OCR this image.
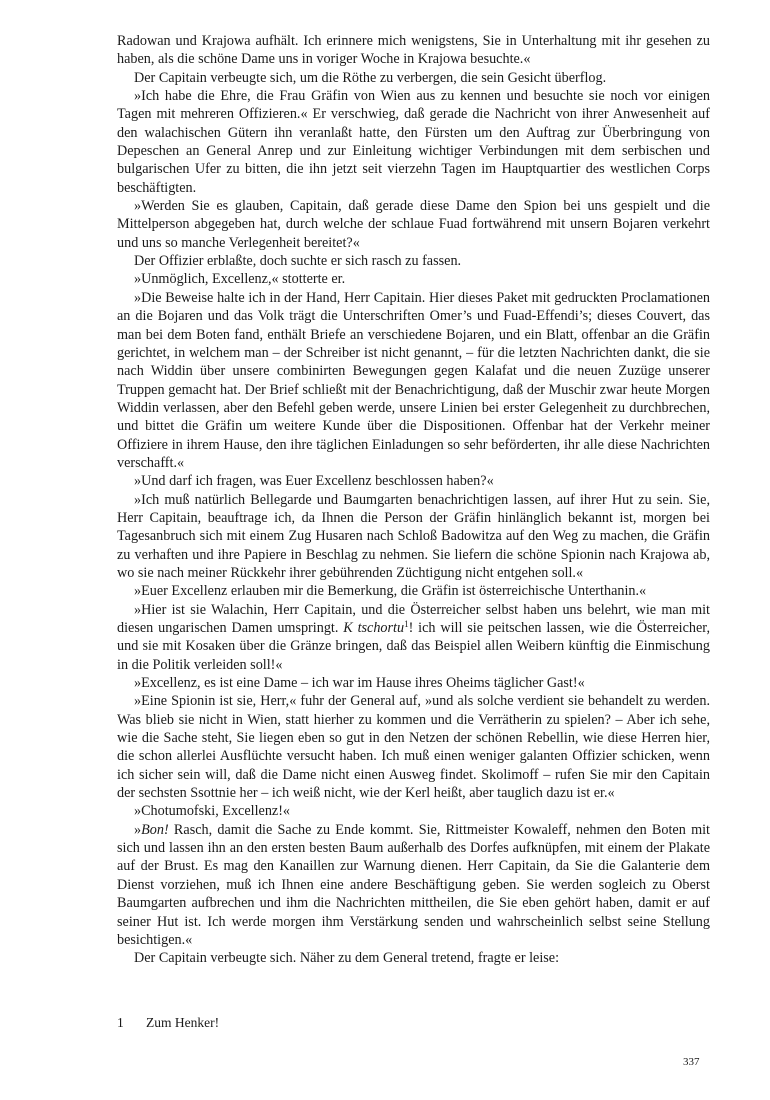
Radowan und Krajowa aufhält. Ich erinnere mich wenigstens, Sie in Unterhaltung mit ihr gesehen zu haben, als die schöne Dame uns in voriger Woche in Krajowa besuchte.«

Der Capitain verbeugte sich, um die Röthe zu verbergen, die sein Gesicht überflog.

»Ich habe die Ehre, die Frau Gräfin von Wien aus zu kennen und besuchte sie noch vor einigen Tagen mit mehreren Offizieren.« Er verschwieg, daß gerade die Nachricht von ihrer Anwesenheit auf den walachischen Gütern ihn veranlaßt hatte, den Fürsten um den Auftrag zur Überbringung von Depeschen an General Anrep und zur Einleitung wichtiger Verbindungen mit dem serbischen und bulgarischen Ufer zu bitten, die ihn jetzt seit vierzehn Tagen im Hauptquartier des westlichen Corps beschäftigten.

»Werden Sie es glauben, Capitain, daß gerade diese Dame den Spion bei uns gespielt und die Mittelperson abgegeben hat, durch welche der schlaue Fuad fortwährend mit unsern Bojaren verkehrt und uns so manche Verlegenheit bereitet?«

Der Offizier erblaßte, doch suchte er sich rasch zu fassen.

»Unmöglich, Excellenz,« stotterte er.

»Die Beweise halte ich in der Hand, Herr Capitain. Hier dieses Paket mit gedruckten Proclamationen an die Bojaren und das Volk trägt die Unterschriften Omer’s und Fuad-Effendi’s; dieses Couvert, das man bei dem Boten fand, enthält Briefe an verschiedene Bojaren, und ein Blatt, offenbar an die Gräfin gerichtet, in welchem man – der Schreiber ist nicht genannt, – für die letzten Nachrichten dankt, die sie nach Widdin über unsere combinirten Bewegungen gegen Kalafat und die neuen Zuzüge unserer Truppen gemacht hat. Der Brief schließt mit der Benachrichtigung, daß der Muschir zwar heute Morgen Widdin verlassen, aber den Befehl geben werde, unsere Linien bei erster Gelegenheit zu durchbrechen, und bittet die Gräfin um weitere Kunde über die Dispositionen. Offenbar hat der Verkehr meiner Offiziere in ihrem Hause, den ihre täglichen Einladungen so sehr beförderten, ihr alle diese Nachrichten verschafft.«

»Und darf ich fragen, was Euer Excellenz beschlossen haben?«

»Ich muß natürlich Bellegarde und Baumgarten benachrichtigen lassen, auf ihrer Hut zu sein. Sie, Herr Capitain, beauftrage ich, da Ihnen die Person der Gräfin hinlänglich bekannt ist, morgen bei Tagesanbruch sich mit einem Zug Husaren nach Schloß Badowitza auf den Weg zu machen, die Gräfin zu verhaften und ihre Papiere in Beschlag zu nehmen. Sie liefern die schöne Spionin nach Krajowa ab, wo sie nach meiner Rückkehr ihrer gebührenden Züchtigung nicht entgehen soll.«

»Euer Excellenz erlauben mir die Bemerkung, die Gräfin ist österreichische Unterthanin.«

»Hier ist sie Walachin, Herr Capitain, und die Österreicher selbst haben uns belehrt, wie man mit diesen ungarischen Damen umspringt. K tschortu$^1$! ich will sie peitschen lassen, wie die Österreicher, und sie mit Kosaken über die Gränze bringen, daß das Beispiel allen Weibern künftig die Einmischung in die Politik verleiden soll!«

»Excellenz, es ist eine Dame – ich war im Hause ihres Oheims täglicher Gast!«

»Eine Spionin ist sie, Herr,« fuhr der General auf, »und als solche verdient sie behandelt zu werden. Was blieb sie nicht in Wien, statt hierher zu kommen und die Verrätherin zu spielen? – Aber ich sehe, wie die Sache steht, Sie liegen eben so gut in den Netzen der schönen Rebellin, wie diese Herren hier, die schon allerlei Ausflüchte versucht haben. Ich muß einen weniger galanten Offizier schicken, wenn ich sicher sein will, daß die Dame nicht einen Ausweg findet. Skolimoff – rufen Sie mir den Capitain der sechsten Ssottnie her – ich weiß nicht, wie der Kerl heißt, aber tauglich dazu ist er.«

»Chotumofski, Excellenz!«

»Bon! Rasch, damit die Sache zu Ende kommt. Sie, Rittmeister Kowaleff, nehmen den Boten mit sich und lassen ihn an den ersten besten Baum außerhalb des Dorfes aufknüpfen, mit einem der Plakate auf der Brust. Es mag den Kanaillen zur Warnung dienen. Herr Capitain, da Sie die Galanterie dem Dienst vorziehen, muß ich Ihnen eine andere Beschäftigung geben. Sie werden sogleich zu Oberst Baumgarten aufbrechen und ihm die Nachrichten mittheilen, die Sie eben gehört haben, damit er auf seiner Hut ist. Ich werde morgen ihm Verstärkung senden und wahrscheinlich selbst seine Stellung besichtigen.«

Der Capitain verbeugte sich. Näher zu dem General tretend, fragte er leise:

1 Zum Henker!
337
